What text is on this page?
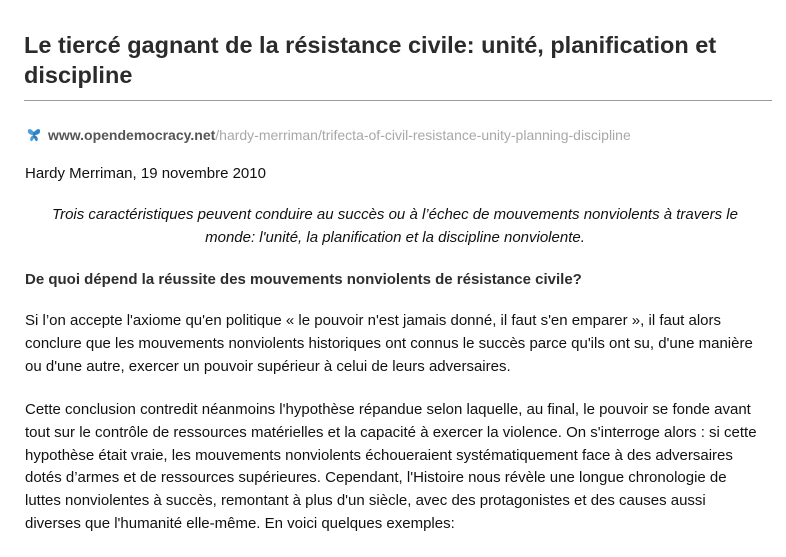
Le tiercé gagnant de la résistance civile: unité, planification et discipline
www.opendemocracy.net/hardy-merriman/trifecta-of-civil-resistance-unity-planning-discipline
Hardy Merriman, 19 novembre 2010

Trois caractéristiques peuvent conduire au succès ou à l’échec de mouvements nonviolents à travers le monde: l'unité, la planification et la discipline nonviolente.

De quoi dépend la réussite des mouvements nonviolents de résistance civile?

Si l’on accepte l'axiome qu'en politique « le pouvoir n'est jamais donné, il faut s'en emparer », il faut alors conclure que les mouvements nonviolents historiques ont connus le succès parce qu'ils ont su, d'une manière ou d'une autre, exercer un pouvoir supérieur à celui de leurs adversaires.

Cette conclusion contredit néanmoins l'hypothèse répandue selon laquelle, au final, le pouvoir se fonde avant tout sur le contrôle de ressources matérielles et la capacité à exercer la violence. On s'interroge alors : si cette hypothèse était vraie, les mouvements nonviolents échoueraient systématiquement face à des adversaires dotés d’armes et de ressources supérieures. Cependant, l'Histoire nous révèle une longue chronologie de luttes nonviolentes à succès, remontant à plus d'un siècle, avec des protagonistes et des causes aussi diverses que l'humanité elle-même. En voici quelques exemples:
